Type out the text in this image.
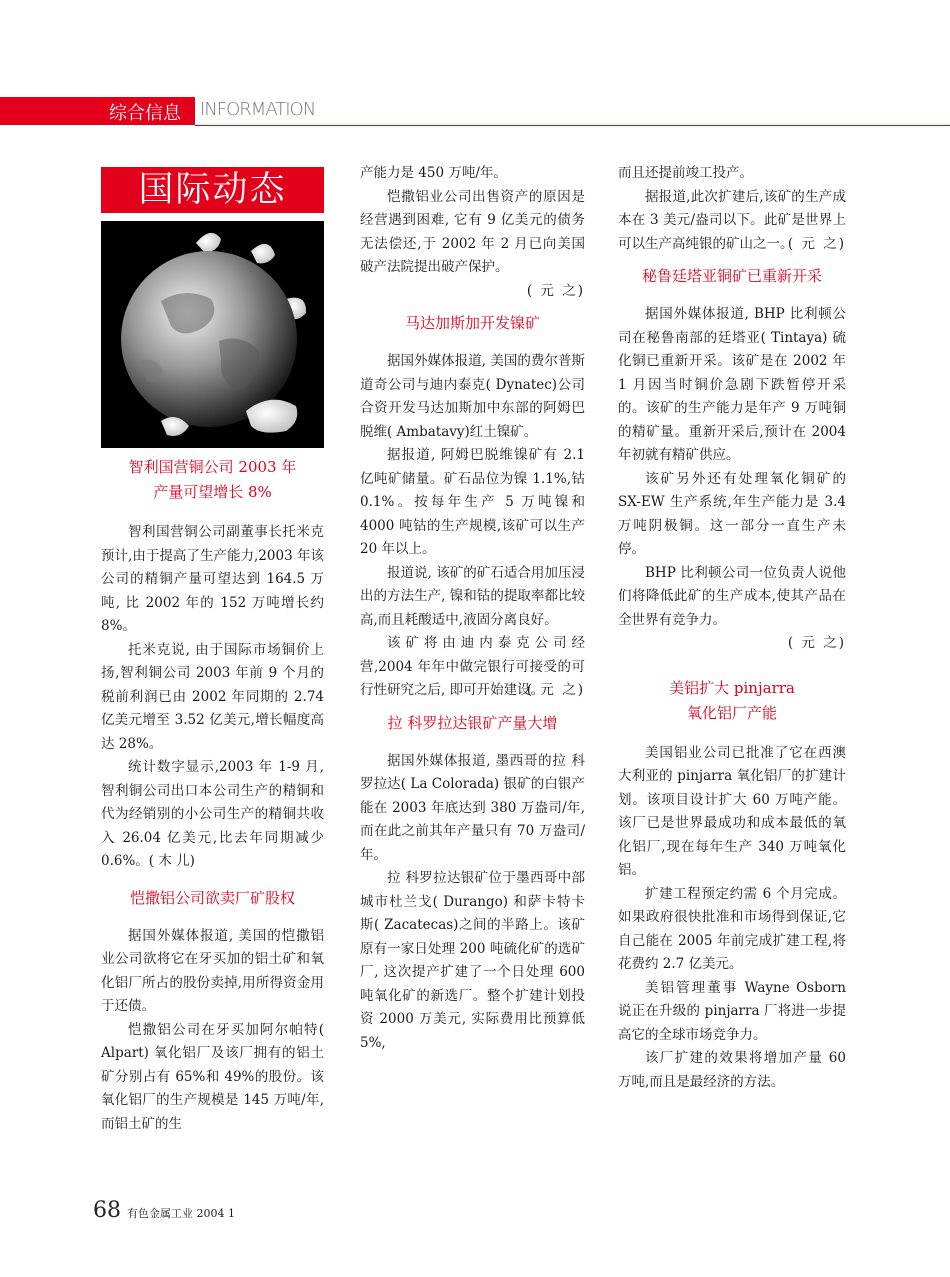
综合信息 INFORMATION
国际动态
智利国营铜公司 2003 年
产量可望增长 8%

智利国营铜公司副董事长托米克预计,由于提高了生产能力,2003 年该公司的精铜产量可望达到 164.5 万吨, 比 2002 年的 152 万吨增长约 8%。

托米克说, 由于国际市场铜价上扬,智利铜公司 2003 年前 9 个月的税前利润已由 2002 年同期的 2.74 亿美元增至 3.52 亿美元,增长幅度高达 28%。

统计数字显示,2003 年 1-9 月, 智利铜公司出口本公司生产的精铜和代为经销别的小公司生产的精铜共收入 26.04 亿美元,比去年同期减少 0.6%。( 木 儿)

恺撒铝公司欲卖厂矿股权

据国外媒体报道, 美国的恺撒铝业公司欲将它在牙买加的铝土矿和氧化铝厂所占的股份卖掉,用所得资金用于还债。

恺撒铝公司在牙买加阿尔帕特( Alpart) 氧化铝厂及该厂拥有的铝土矿分别占有 65%和 49%的股份。该氧化铝厂的生产规模是 145 万吨/年, 而铝土矿的生

产能力是 450 万吨/年。

恺撒铝业公司出售资产的原因是经营遇到困难, 它有 9 亿美元的债务无法偿还,于 2002 年 2 月已向美国破产法院提出破产保护。

( 元 之)
马达加斯加开发镍矿

据国外媒体报道, 美国的费尔普斯道奇公司与迪内泰克( Dynatec)公司合资开发马达加斯加中东部的阿姆巴脱维( Ambatavy)红土镍矿。

据报道, 阿姆巴脱维镍矿有 2.1 亿吨矿储量。矿石品位为镍 1.1%,钴 0.1%。按每年生产 5 万吨镍和 4000 吨钴的生产规模,该矿可以生产 20 年以上。

报道说, 该矿的矿石适合用加压浸出的方法生产, 镍和钴的提取率都比较高,而且耗酸适中,液固分离良好。

该矿将由迪内泰克公司经营,2004 年年中做完银行可接受的可行性研究之后, 即可开始建设。

( 元 之)
拉 科罗拉达银矿产量大增

据国外媒体报道, 墨西哥的拉 科罗拉达( La Colorada) 银矿的白银产能在 2003 年底达到 380 万盎司/年,而在此之前其年产量只有 70 万盎司/年。

拉 科罗拉达银矿位于墨西哥中部城市杜兰戈( Durango) 和萨卡特卡斯( Zacatecas)之间的半路上。该矿原有一家日处理 200 吨硫化矿的选矿厂, 这次提产扩建了一个日处理 600 吨氧化矿的新选厂。整个扩建计划投资 2000 万美元, 实际费用比预算低 5%,

而且还提前竣工投产。

据报道,此次扩建后,该矿的生产成本在 3 美元/盎司以下。此矿是世界上可以生产高纯银的矿山之一。

( 元 之)
秘鲁廷塔亚铜矿已重新开采

据国外媒体报道, BHP 比利顿公司在秘鲁南部的廷塔亚( Tintaya) 硫化铜已重新开采。该矿是在 2002 年 1 月因当时铜价急剧下跌暂停开采的。该矿的生产能力是年产 9 万吨铜的精矿量。重新开采后,预计在 2004 年初就有精矿供应。

该矿另外还有处理氧化铜矿的 SX-EW 生产系统,年生产能力是 3.4 万吨阴极铜。这一部分一直生产未停。

BHP 比利顿公司一位负责人说他们将降低此矿的生产成本,使其产品在全世界有竞争力。

( 元 之)
美铝扩大 pinjarra
氧化铝厂产能

美国铝业公司已批准了它在西澳大利亚的 pinjarra 氧化铝厂的扩建计划。该项目设计扩大 60 万吨产能。该厂已是世界最成功和成本最低的氧化铝厂,现在每年生产 340 万吨氧化铝。

扩建工程预定约需 6 个月完成。如果政府很快批准和市场得到保证,它自己能在 2005 年前完成扩建工程,将花费约 2.7 亿美元。

美铝管理董事 Wayne Osborn 说正在升级的 pinjarra 厂将进一步提高它的全球市场竞争力。

该厂扩建的效果将增加产量 60 万吨,而且是最经济的方法。

68 有色金属工业 2004 1
